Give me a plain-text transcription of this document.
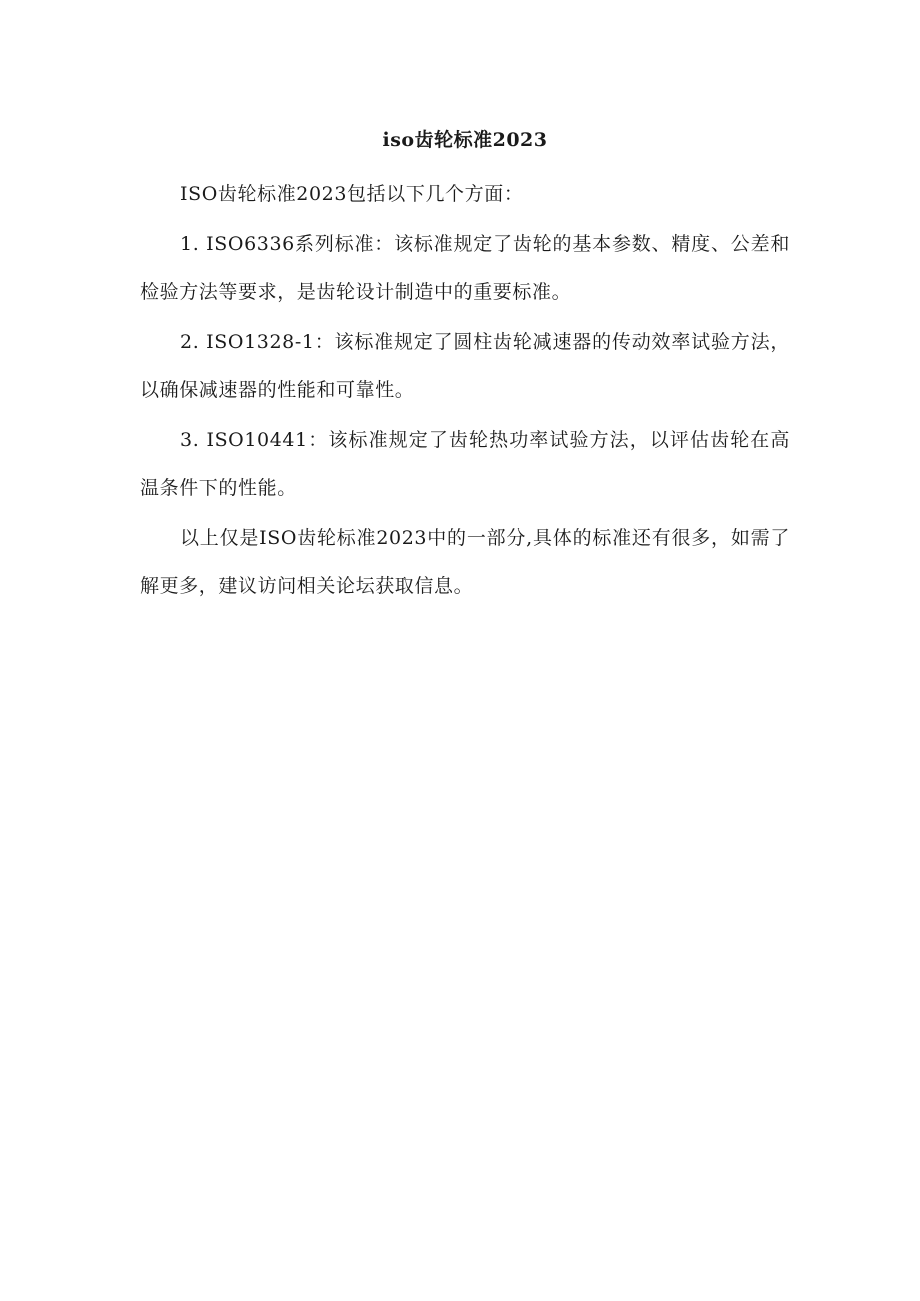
iso齿轮标准2023

ISO齿轮标准2023包括以下几个方面：

1. ISO6336系列标准：该标准规定了齿轮的基本参数、精度、公差和检验方法等要求，是齿轮设计制造中的重要标准。

2. ISO1328-1：该标准规定了圆柱齿轮减速器的传动效率试验方法，以确保减速器的性能和可靠性。

3. ISO10441：该标准规定了齿轮热功率试验方法，以评估齿轮在高温条件下的性能。

以上仅是ISO齿轮标准2023中的一部分,具体的标准还有很多，如需了解更多，建议访问相关论坛获取信息。
